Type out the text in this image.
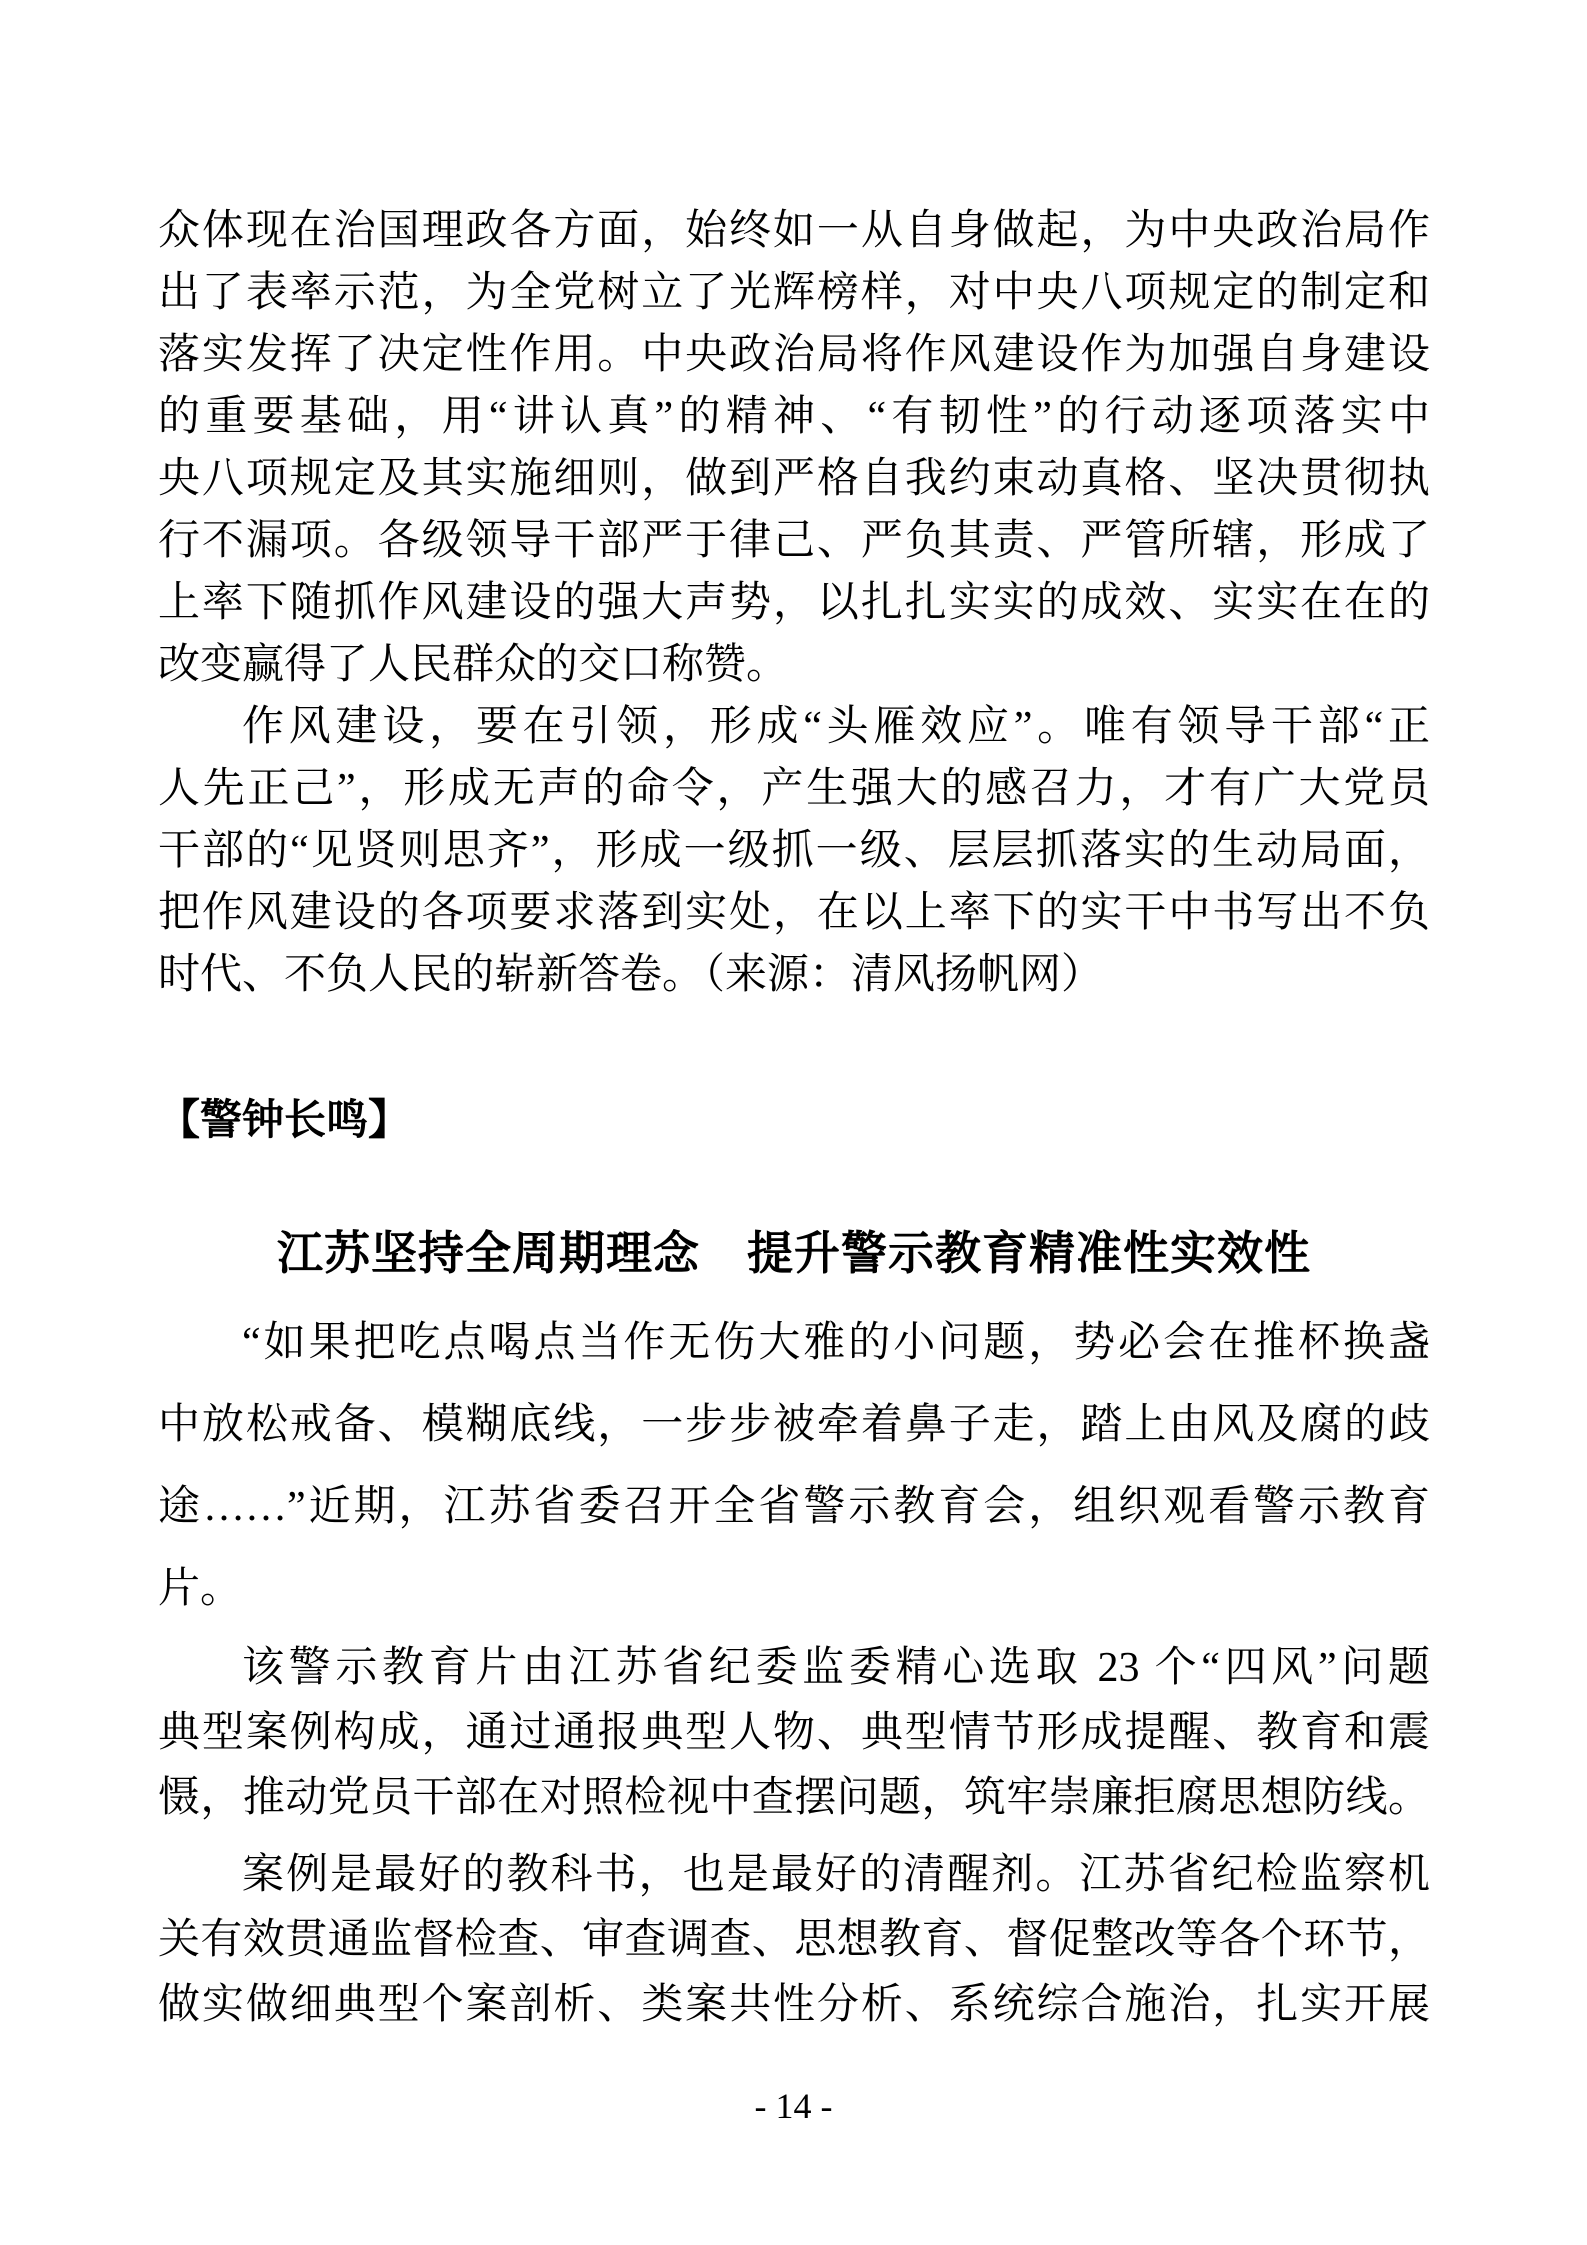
众体现在治国理政各方面，始终如一从自身做起，为中央政治局作
出了表率示范，为全党树立了光辉榜样，对中央八项规定的制定和
落实发挥了决定性作用。中央政治局将作风建设作为加强自身建设
的重要基础，用“讲认真”的精神、“有韧性”的行动逐项落实中
央八项规定及其实施细则，做到严格自我约束动真格、坚决贯彻执
行不漏项。各级领导干部严于律己、严负其责、严管所辖，形成了
上率下随抓作风建设的强大声势，以扎扎实实的成效、实实在在的
改变赢得了人民群众的交口称赞。
作风建设，要在引领，形成“头雁效应”。唯有领导干部“正
人先正己”，形成无声的命令，产生强大的感召力，才有广大党员
干部的“见贤则思齐”，形成一级抓一级、层层抓落实的生动局面，
把作风建设的各项要求落到实处，在以上率下的实干中书写出不负
时代、不负人民的崭新答卷。（来源：清风扬帆网）
【警钟长鸣】
江苏坚持全周期理念　提升警示教育精准性实效性
“如果把吃点喝点当作无伤大雅的小问题，势必会在推杯换盏
中放松戒备、模糊底线，一步步被牵着鼻子走，踏上由风及腐的歧
途……”近期，江苏省委召开全省警示教育会，组织观看警示教育
片。
该警示教育片由江苏省纪委监委精心选取 23 个“四风”问题
典型案例构成，通过通报典型人物、典型情节形成提醒、教育和震
慑，推动党员干部在对照检视中查摆问题，筑牢崇廉拒腐思想防线。
案例是最好的教科书，也是最好的清醒剂。江苏省纪检监察机
关有效贯通监督检查、审查调查、思想教育、督促整改等各个环节，
做实做细典型个案剖析、类案共性分析、系统综合施治，扎实开展
- 14 -
